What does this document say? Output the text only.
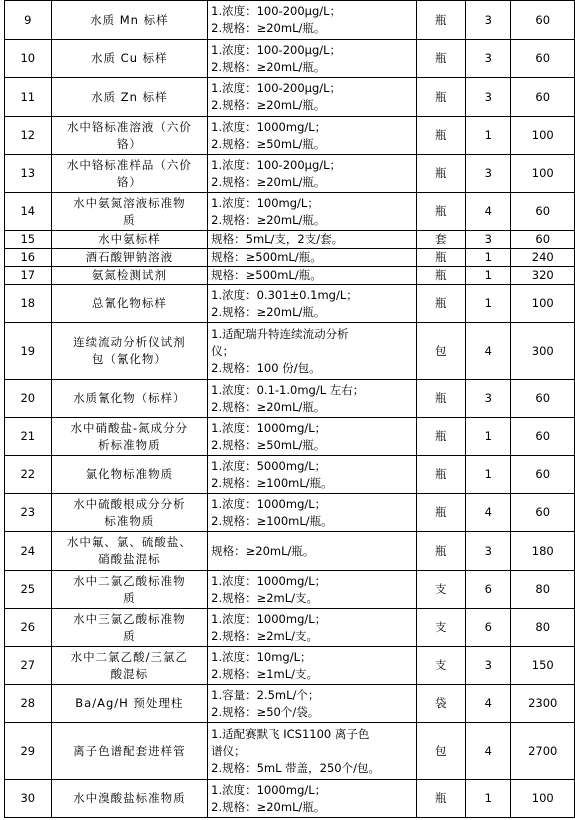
9	水质 Mn 标样	1.浓度：100-200μg/L；
2.规格：≥20mL/瓶。	瓶	3	60
10	水质 Cu 标样	1.浓度：100-200μg/L；
2.规格：≥20mL/瓶。	瓶	3	60
11	水质 Zn 标样	1.浓度：100-200μg/L；
2.规格：≥20mL/瓶。	瓶	3	60
12	水中铬标准溶液（六价
铬）	1.浓度：1000mg/L；
2.规格：≥50mL/瓶。	瓶	1	100
13	水中铬标准样品（六价
铬）	1.浓度：100-200μg/L；
2.规格：≥20mL/瓶。	瓶	3	100
14	水中氨氮溶液标准物
质	1.浓度：100mg/L；
2.规格：≥20mL/瓶。	瓶	4	60
15	水中氨标样	规格：5mL/支，2支/套。	套	3	60
16	酒石酸钾钠溶液	规格：≥500mL/瓶。	瓶	1	240
17	氨氮检测试剂	规格：≥500mL/瓶。	瓶	1	320
18	总氰化物标样	1.浓度：0.301±0.1mg/L；
2.规格：≥20mL/瓶。	瓶	1	100
19	连续流动分析仪试剂
包（氰化物）	1.适配瑞升特连续流动分析
仪；
2.规格：100 份/包。	包	4	300
20	水质氰化物（标样）	1.浓度：0.1-1.0mg/L 左右；
2.规格：≥20mL/瓶。	瓶	3	60
21	水中硝酸盐-氮成分分
析标准物质	1.浓度：1000mg/L；
2.规格：≥50mL/瓶。	瓶	1	60
22	氯化物标准物质	1.浓度：5000mg/L；
2.规格：≥100mL/瓶。	瓶	1	60
23	水中硫酸根成分分析
标准物质	1.浓度：1000mg/L；
2.规格：≥100mL/瓶。	瓶	4	60
24	水中氟、氯、硫酸盐、
硝酸盐混标	规格：≥20mL/瓶。	瓶	3	180
25	水中二氯乙酸标准物
质	1.浓度：1000mg/L；
2.规格：≥2mL/支。	支	6	80
26	水中三氯乙酸标准物
质	1.浓度：1000mg/L；
2.规格：≥2mL/支。	支	6	80
27	水中二氯乙酸/三氯乙
酸混标	1.浓度：10mg/L；
2.规格：≥1mL/支。	支	3	150
28	Ba/Ag/H 预处理柱	1.容量：2.5mL/个；
2.规格：≥50个/袋。	袋	4	2300
29	离子色谱配套进样管	1.适配赛默飞 ICS1100 离子色
谱仪；
2.规格：5mL 带盖，250个/包。	包	4	2700
30	水中溴酸盐标准物质	1.浓度：1000mg/L；
2.规格：≥20mL/瓶。	瓶	1	100
